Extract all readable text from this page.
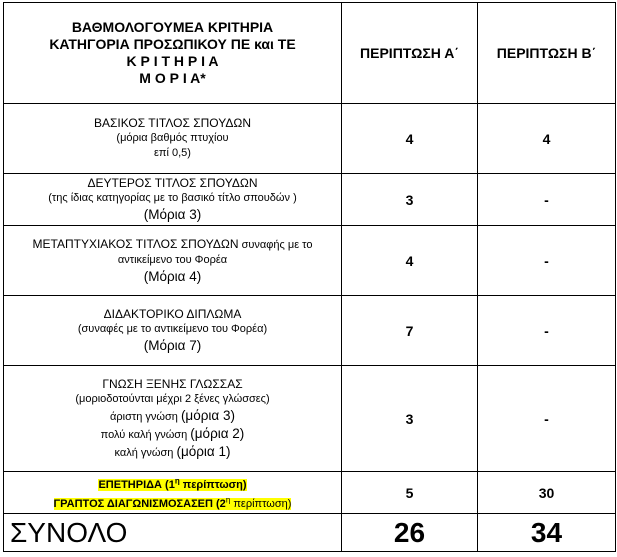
ΒΑΘΜΟΛΟΓΟΥΜΕΑ ΚΡΙΤΗΡΙΑ
ΚΑΤΗΓΟΡΙΑ ΠΡΟΣΩΠΙΚΟΥ ΠΕ και ΤΕ
Κ Ρ Ι Τ Η Ρ Ι Α
Μ Ο Ρ Ι Α*	ΠΕΡΙΠΤΩΣΗ Α΄	ΠΕΡΙΠΤΩΣΗ Β΄

ΒΑΣΙΚΟΣ ΤΙΤΛΟΣ ΣΠΟΥΔΩΝ
(μόρια βαθμός πτυχίου
επί 0,5)	4	4

ΔΕΥΤΕΡΟΣ ΤΙΤΛΟΣ ΣΠΟΥΔΩΝ
(της ίδιας κατηγορίας με το βασικό τίτλο σπουδών )
(Μόρια 3)	3	-

ΜΕΤΑΠΤΥΧΙΑΚΟΣ ΤΙΤΛΟΣ ΣΠΟΥΔΩΝ συναφής με το
αντικείμενο του Φορέα
(Μόρια 4)	4	-

ΔΙΔΑΚΤΟΡΙΚΟ ΔΙΠΛΩΜΑ
(συναφές με το αντικείμενο του Φορέα)
(Μόρια 7)	7	-

ΓΝΩΣΗ ΞΕΝΗΣ ΓΛΩΣΣΑΣ
(μοριοδοτούνται μέχρι 2 ξένες γλώσσες)
άριστη γνώση (μόρια 3)
πολύ καλή γνώση (μόρια 2)
καλή γνώση (μόρια 1)	3	-

ΕΠΕΤΗΡΙΔΑ ($1^\eta$ περίπτωση)
ΓΡΑΠΤΟΣ ΔΙΑΓΩΝΙΣΜΟΣΑΣΕΠ ($2^\eta$ περίπτωση)	5	30
ΣΥΝΟΛΟ	26	34
